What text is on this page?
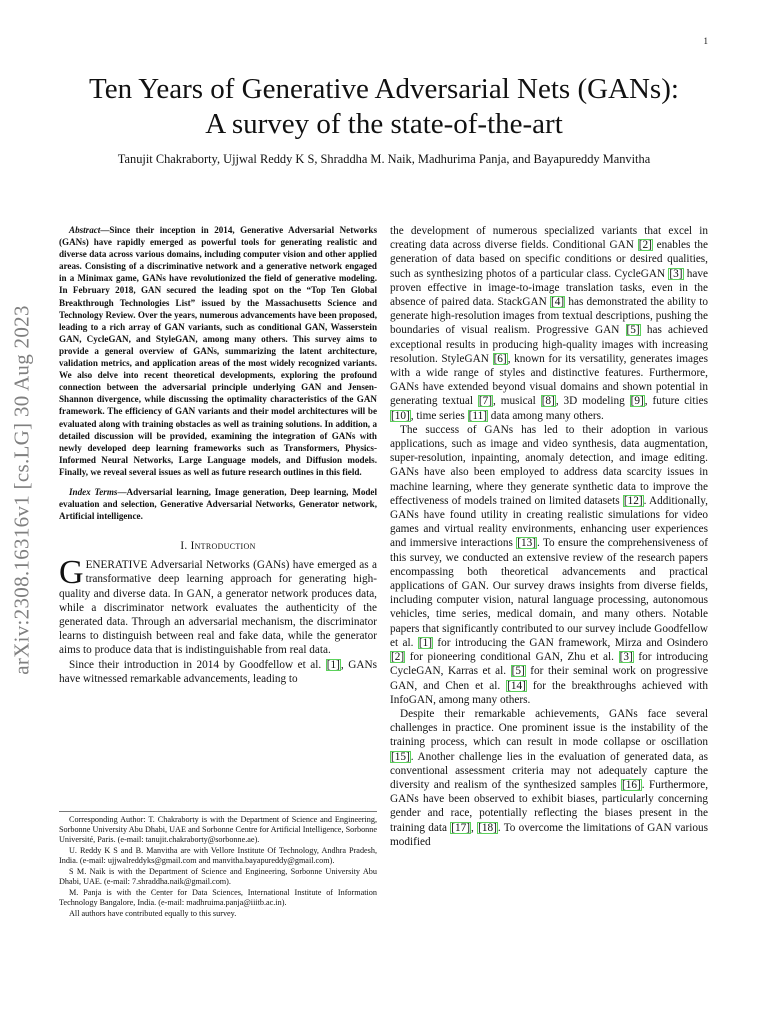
1
arXiv:2308.16316v1 [cs.LG] 30 Aug 2023
Ten Years of Generative Adversarial Nets (GANs):
A survey of the state-of-the-art
Tanujit Chakraborty, Ujjwal Reddy K S, Shraddha M. Naik, Madhurima Panja, and Bayapureddy Manvitha

Abstract—Since their inception in 2014, Generative Adversarial Networks (GANs) have rapidly emerged as powerful tools for generating realistic and diverse data across various domains, including computer vision and other applied areas. Consisting of a discriminative network and a generative network engaged in a Minimax game, GANs have revolutionized the field of generative modeling. In February 2018, GAN secured the leading spot on the “Top Ten Global Breakthrough Technologies List” issued by the Massachusetts Science and Technology Review. Over the years, numerous advancements have been proposed, leading to a rich array of GAN variants, such as conditional GAN, Wasserstein GAN, CycleGAN, and StyleGAN, among many others. This survey aims to provide a general overview of GANs, summarizing the latent architecture, validation metrics, and application areas of the most widely recognized variants. We also delve into recent theoretical developments, exploring the profound connection between the adversarial principle underlying GAN and Jensen-Shannon divergence, while discussing the optimality characteristics of the GAN framework. The efficiency of GAN variants and their model architectures will be evaluated along with training obstacles as well as training solutions. In addition, a detailed discussion will be provided, examining the integration of GANs with newly developed deep learning frameworks such as Transformers, Physics-Informed Neural Networks, Large Language models, and Diffusion models. Finally, we reveal several issues as well as future research outlines in this field.

Index Terms—Adversarial learning, Image generation, Deep learning, Model evaluation and selection, Generative Adversarial Networks, Generator network, Artificial intelligence.

I. Introduction

GENERATIVE Adversarial Networks (GANs) have emerged as a transformative deep learning approach for generating high-quality and diverse data. In GAN, a generator network produces data, while a discriminator network evaluates the authenticity of the generated data. Through an adversarial mechanism, the discriminator learns to distinguish between real and fake data, while the generator aims to produce data that is indistinguishable from real data.

Since their introduction in 2014 by Goodfellow et al. [1], GANs have witnessed remarkable advancements, leading to

Corresponding Author: T. Chakraborty is with the Department of Science and Engineering, Sorbonne University Abu Dhabi, UAE and Sorbonne Centre for Artificial Intelligence, Sorbonne Université, Paris. (e-mail: tanujit.chakraborty@sorbonne.ae).

U. Reddy K S and B. Manvitha are with Vellore Institute Of Technology, Andhra Pradesh, India. (e-mail: ujjwalreddyks@gmail.com and manvitha.bayapureddy@gmail.com).

S M. Naik is with the Department of Science and Engineering, Sorbonne University Abu Dhabi, UAE. (e-mail: 7.shraddha.naik@gmail.com).

M. Panja is with the Center for Data Sciences, International Institute of Information Technology Bangalore, India. (e-mail: madhruima.panja@iiitb.ac.in).

All authors have contributed equally to this survey.

the development of numerous specialized variants that excel in creating data across diverse fields. Conditional GAN [2] enables the generation of data based on specific conditions or desired qualities, such as synthesizing photos of a particular class. CycleGAN [3] have proven effective in image-to-image translation tasks, even in the absence of paired data. StackGAN [4] has demonstrated the ability to generate high-resolution images from textual descriptions, pushing the boundaries of visual realism. Progressive GAN [5] has achieved exceptional results in producing high-quality images with increasing resolution. StyleGAN [6], known for its versatility, generates images with a wide range of styles and distinctive features. Furthermore, GANs have extended beyond visual domains and shown potential in generating textual [7], musical [8], 3D modeling [9], future cities [10], time series [11] data among many others.

The success of GANs has led to their adoption in various applications, such as image and video synthesis, data augmentation, super-resolution, inpainting, anomaly detection, and image editing. GANs have also been employed to address data scarcity issues in machine learning, where they generate synthetic data to improve the effectiveness of models trained on limited datasets [12]. Additionally, GANs have found utility in creating realistic simulations for video games and virtual reality environments, enhancing user experiences and immersive interactions [13]. To ensure the comprehensiveness of this survey, we conducted an extensive review of the research papers encompassing both theoretical advancements and practical applications of GAN. Our survey draws insights from diverse fields, including computer vision, natural language processing, autonomous vehicles, time series, medical domain, and many others. Notable papers that significantly contributed to our survey include Goodfellow et al. [1] for introducing the GAN framework, Mirza and Osindero [2] for pioneering conditional GAN, Zhu et al. [3] for introducing CycleGAN, Karras et al. [5] for their seminal work on progressive GAN, and Chen et al. [14] for the breakthroughs achieved with InfoGAN, among many others.

Despite their remarkable achievements, GANs face several challenges in practice. One prominent issue is the instability of the training process, which can result in mode collapse or oscillation [15]. Another challenge lies in the evaluation of generated data, as conventional assessment criteria may not adequately capture the diversity and realism of the synthesized samples [16]. Furthermore, GANs have been observed to exhibit biases, particularly concerning gender and race, potentially reflecting the biases present in the training data [17], [18]. To overcome the limitations of GAN various modified
